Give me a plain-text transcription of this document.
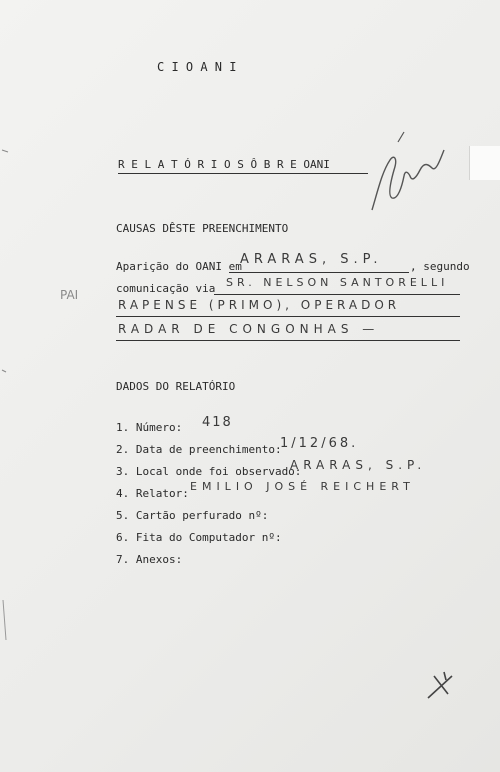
C I O A N I
R E L A T Ó R I O S Ô B R E OANI
CAUSAS DÊSTE PREENCHIMENTO
Aparição do OANI em
ARARAS, S.P. , segundo
comunicação via SR. NELSON SANTORELLI
RAPENSE (PRIMO), OPERADOR
RADAR DE CONGONHAS —
PAI
DADOS DO RELATÓRIO
1. Número: 418
2. Data de preenchimento:
1/12/68.
3. Local onde foi observado:
ARARAS, S.P.
4. Relator:
EMILIO JOSÉ REICHERT
5. Cartão perfurado nº:
6. Fita do Computador nº:
7. Anexos:
